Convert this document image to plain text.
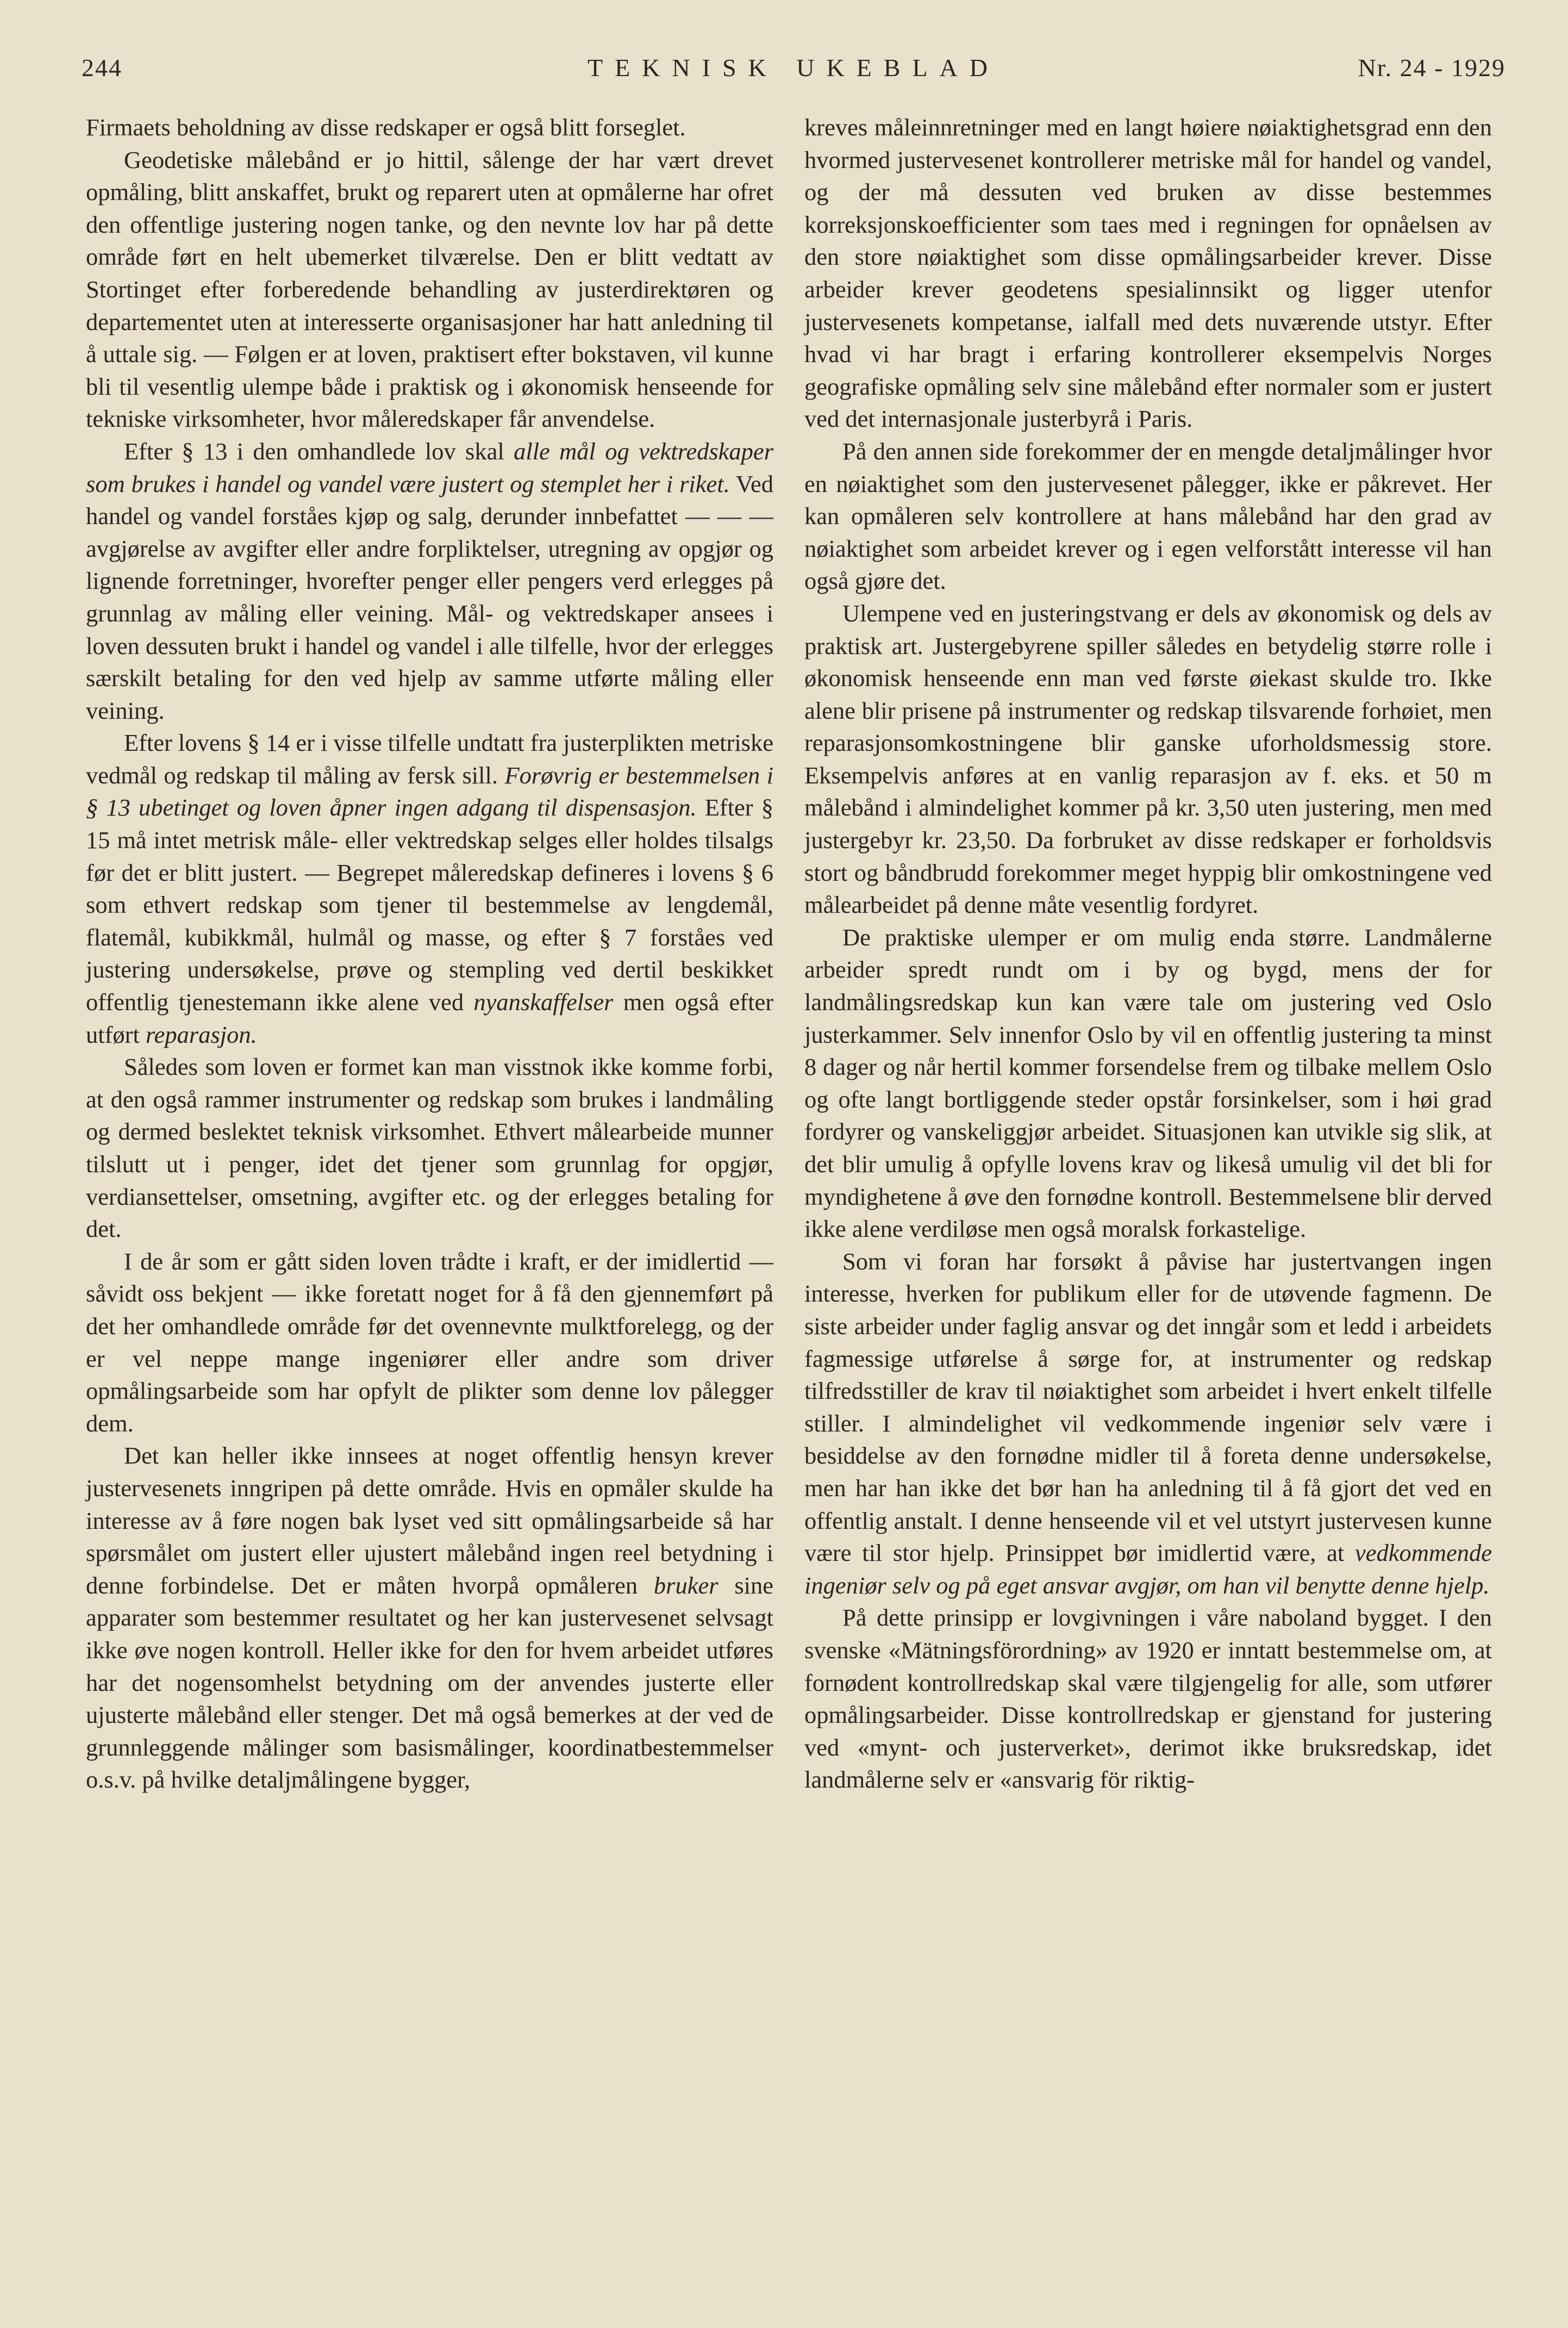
244	TEKNISK UKEBLAD	Nr. 24 - 1929

Firmaets beholdning av disse redskaper er også blitt forseglet.

Geodetiske målebånd er jo hittil, sålenge der har vært drevet opmåling, blitt anskaffet, brukt og reparert uten at opmålerne har ofret den offentlige justering nogen tanke, og den nevnte lov har på dette område ført en helt ubemerket tilværelse. Den er blitt vedtatt av Stortinget efter forberedende behandling av justerdirektøren og departementet uten at interesserte organisasjoner har hatt anledning til å uttale sig. — Følgen er at loven, praktisert efter bokstaven, vil kunne bli til vesentlig ulempe både i praktisk og i økonomisk henseende for tekniske virksomheter, hvor måleredskaper får anvendelse.

Efter § 13 i den omhandlede lov skal alle mål og vektredskaper som brukes i handel og vandel være justert og stemplet her i riket. Ved handel og vandel forståes kjøp og salg, derunder innbefattet — — — avgjørelse av avgifter eller andre forpliktelser, utregning av opgjør og lignende forretninger, hvorefter penger eller pengers verd erlegges på grunnlag av måling eller veining. Mål- og vektredskaper ansees i loven dessuten brukt i handel og vandel i alle tilfelle, hvor der erlegges særskilt betaling for den ved hjelp av samme utførte måling eller veining.

Efter lovens § 14 er i visse tilfelle undtatt fra justerplikten metriske vedmål og redskap til måling av fersk sill. Forøvrig er bestemmelsen i § 13 ubetinget og loven åpner ingen adgang til dispensasjon. Efter § 15 må intet metrisk måle- eller vektredskap selges eller holdes tilsalgs før det er blitt justert. — Begrepet måleredskap defineres i lovens § 6 som ethvert redskap som tjener til bestemmelse av lengdemål, flatemål, kubikkmål, hulmål og masse, og efter § 7 forståes ved justering undersøkelse, prøve og stempling ved dertil beskikket offentlig tjenestemann ikke alene ved nyanskaffelser men også efter utført reparasjon.

Således som loven er formet kan man visstnok ikke komme forbi, at den også rammer instrumenter og redskap som brukes i landmåling og dermed beslektet teknisk virksomhet. Ethvert målearbeide munner tilslutt ut i penger, idet det tjener som grunnlag for opgjør, verdiansettelser, omsetning, avgifter etc. og der erlegges betaling for det.

I de år som er gått siden loven trådte i kraft, er der imidlertid — såvidt oss bekjent — ikke foretatt noget for å få den gjennemført på det her omhandlede område før det ovennevnte mulktforelegg, og der er vel neppe mange ingeniører eller andre som driver opmålingsarbeide som har opfylt de plikter som denne lov pålegger dem.

Det kan heller ikke innsees at noget offentlig hensyn krever justervesenets inngripen på dette område. Hvis en opmåler skulde ha interesse av å føre nogen bak lyset ved sitt opmålingsarbeide så har spørsmålet om justert eller ujustert målebånd ingen reel betydning i denne forbindelse. Det er måten hvorpå opmåleren bruker sine apparater som bestemmer resultatet og her kan justervesenet selvsagt ikke øve nogen kontroll. Heller ikke for den for hvem arbeidet utføres har det nogensomhelst betydning om der anvendes justerte eller ujusterte målebånd eller stenger. Det må også bemerkes at der ved de grunnleggende målinger som basismålinger, koordinatbestemmelser o.s.v. på hvilke detaljmålingene bygger,

kreves måleinnretninger med en langt høiere nøiaktighetsgrad enn den hvormed justervesenet kontrollerer metriske mål for handel og vandel, og der må dessuten ved bruken av disse bestemmes korreksjonskoefficienter som taes med i regningen for opnåelsen av den store nøiaktighet som disse opmålingsarbeider krever. Disse arbeider krever geodetens spesialinnsikt og ligger utenfor justervesenets kompetanse, ialfall med dets nuværende utstyr. Efter hvad vi har bragt i erfaring kontrollerer eksempelvis Norges geografiske opmåling selv sine målebånd efter normaler som er justert ved det internasjonale justerbyrå i Paris.

På den annen side forekommer der en mengde detaljmålinger hvor en nøiaktighet som den justervesenet pålegger, ikke er påkrevet. Her kan opmåleren selv kontrollere at hans målebånd har den grad av nøiaktighet som arbeidet krever og i egen velforstått interesse vil han også gjøre det.

Ulempene ved en justeringstvang er dels av økonomisk og dels av praktisk art. Justergebyrene spiller således en betydelig større rolle i økonomisk henseende enn man ved første øiekast skulde tro. Ikke alene blir prisene på instrumenter og redskap tilsvarende forhøiet, men reparasjonsomkostningene blir ganske uforholdsmessig store. Eksempelvis anføres at en vanlig reparasjon av f. eks. et 50 m målebånd i almindelighet kommer på kr. 3,50 uten justering, men med justergebyr kr. 23,50. Da forbruket av disse redskaper er forholdsvis stort og båndbrudd forekommer meget hyppig blir omkostningene ved målearbeidet på denne måte vesentlig fordyret.

De praktiske ulemper er om mulig enda større. Landmålerne arbeider spredt rundt om i by og bygd, mens der for landmålingsredskap kun kan være tale om justering ved Oslo justerkammer. Selv innenfor Oslo by vil en offentlig justering ta minst 8 dager og når hertil kommer forsendelse frem og tilbake mellem Oslo og ofte langt bortliggende steder opstår forsinkelser, som i høi grad fordyrer og vanskeliggjør arbeidet. Situasjonen kan utvikle sig slik, at det blir umulig å opfylle lovens krav og likeså umulig vil det bli for myndighetene å øve den fornødne kontroll. Bestemmelsene blir derved ikke alene verdiløse men også moralsk forkastelige.

Som vi foran har forsøkt å påvise har justertvangen ingen interesse, hverken for publikum eller for de utøvende fagmenn. De siste arbeider under faglig ansvar og det inngår som et ledd i arbeidets fagmessige utførelse å sørge for, at instrumenter og redskap tilfredsstiller de krav til nøiaktighet som arbeidet i hvert enkelt tilfelle stiller. I almindelighet vil vedkommende ingeniør selv være i besiddelse av den fornødne midler til å foreta denne undersøkelse, men har han ikke det bør han ha anledning til å få gjort det ved en offentlig anstalt. I denne henseende vil et vel utstyrt justervesen kunne være til stor hjelp. Prinsippet bør imidlertid være, at vedkommende ingeniør selv og på eget ansvar avgjør, om han vil benytte denne hjelp.

På dette prinsipp er lovgivningen i våre naboland bygget. I den svenske «Mätningsförordning» av 1920 er inntatt bestemmelse om, at fornødent kontrollredskap skal være tilgjengelig for alle, som utfører opmålingsarbeider. Disse kontrollredskap er gjenstand for justering ved «mynt- och justerverket», derimot ikke bruksredskap, idet landmålerne selv er «ansvarig för riktig-
